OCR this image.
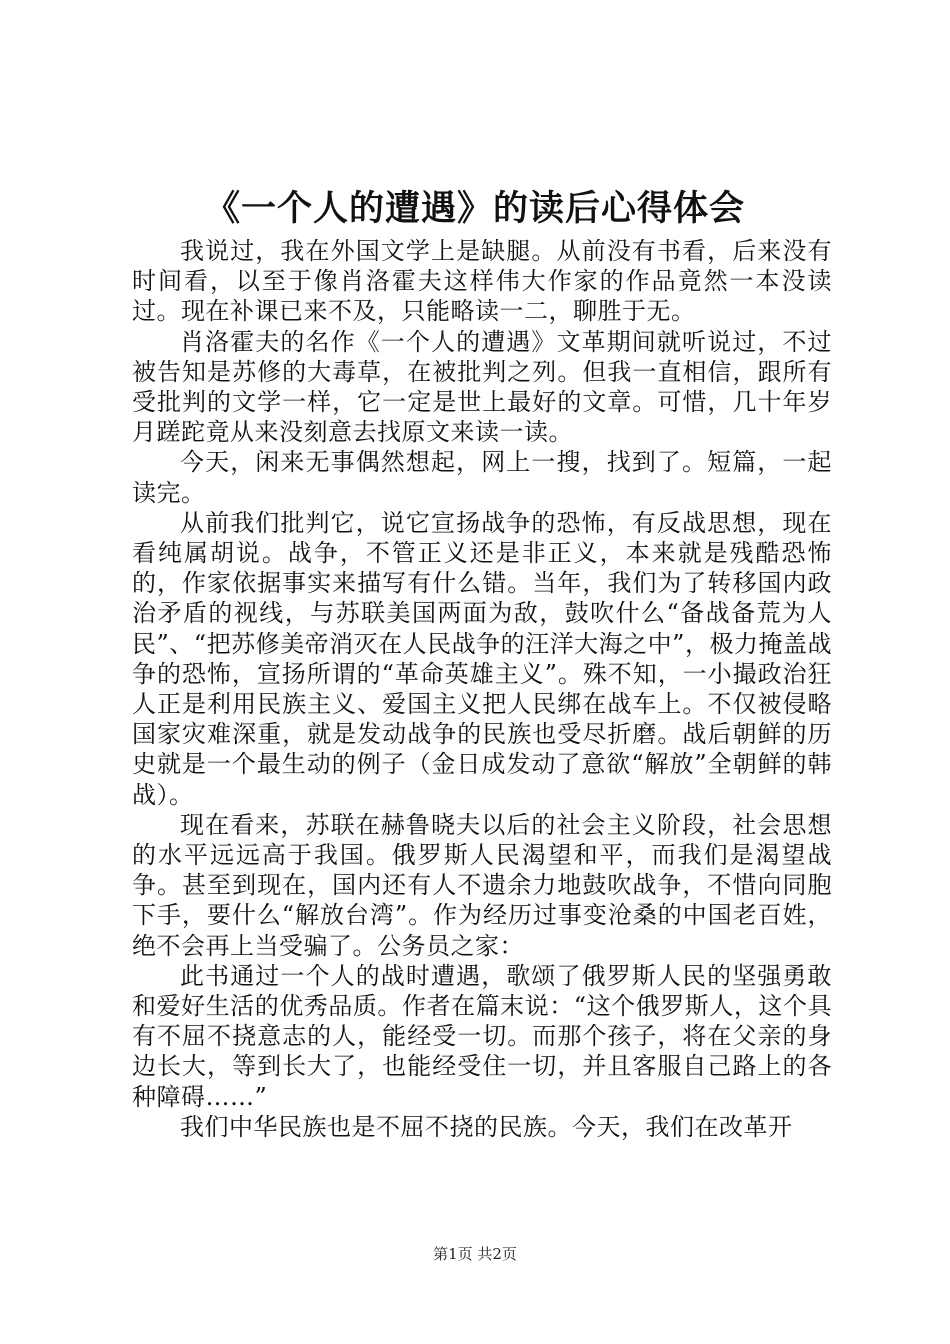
《一个人的遭遇》的读后心得体会

我说过，我在外国文学上是缺腿。从前没有书看，后来没有时间看，以至于像肖洛霍夫这样伟大作家的作品竟然一本没读过。现在补课已来不及，只能略读一二，聊胜于无。

肖洛霍夫的名作《一个人的遭遇》文革期间就听说过，不过被告知是苏修的大毒草，在被批判之列。但我一直相信，跟所有受批判的文学一样，它一定是世上最好的文章。可惜，几十年岁月蹉跎竟从来没刻意去找原文来读一读。

今天，闲来无事偶然想起，网上一搜，找到了。短篇，一起读完。

从前我们批判它，说它宣扬战争的恐怖，有反战思想，现在看纯属胡说。战争，不管正义还是非正义，本来就是残酷恐怖的，作家依据事实来描写有什么错。当年，我们为了转移国内政治矛盾的视线，与苏联美国两面为敌，鼓吹什么“备战备荒为人民”、“把苏修美帝消灭在人民战争的汪洋大海之中”，极力掩盖战争的恐怖，宣扬所谓的“革命英雄主义”。殊不知，一小撮政治狂人正是利用民族主义、爱国主义把人民绑在战车上。不仅被侵略国家灾难深重，就是发动战争的民族也受尽折磨。战后朝鲜的历史就是一个最生动的例子（金日成发动了意欲“解放”全朝鲜的韩战）。

现在看来，苏联在赫鲁晓夫以后的社会主义阶段，社会思想的水平远远高于我国。俄罗斯人民渴望和平，而我们是渴望战争。甚至到现在，国内还有人不遗余力地鼓吹战争，不惜向同胞下手，要什么“解放台湾”。作为经历过事变沧桑的中国老百姓，绝不会再上当受骗了。公务员之家：

此书通过一个人的战时遭遇，歌颂了俄罗斯人民的坚强勇敢和爱好生活的优秀品质。作者在篇末说：“这个俄罗斯人，这个具有不屈不挠意志的人，能经受一切。而那个孩子，将在父亲的身边长大，等到长大了，也能经受住一切，并且客服自己路上的各种障碍……”

我们中华民族也是不屈不挠的民族。今天，我们在改革开

第1页 共2页
